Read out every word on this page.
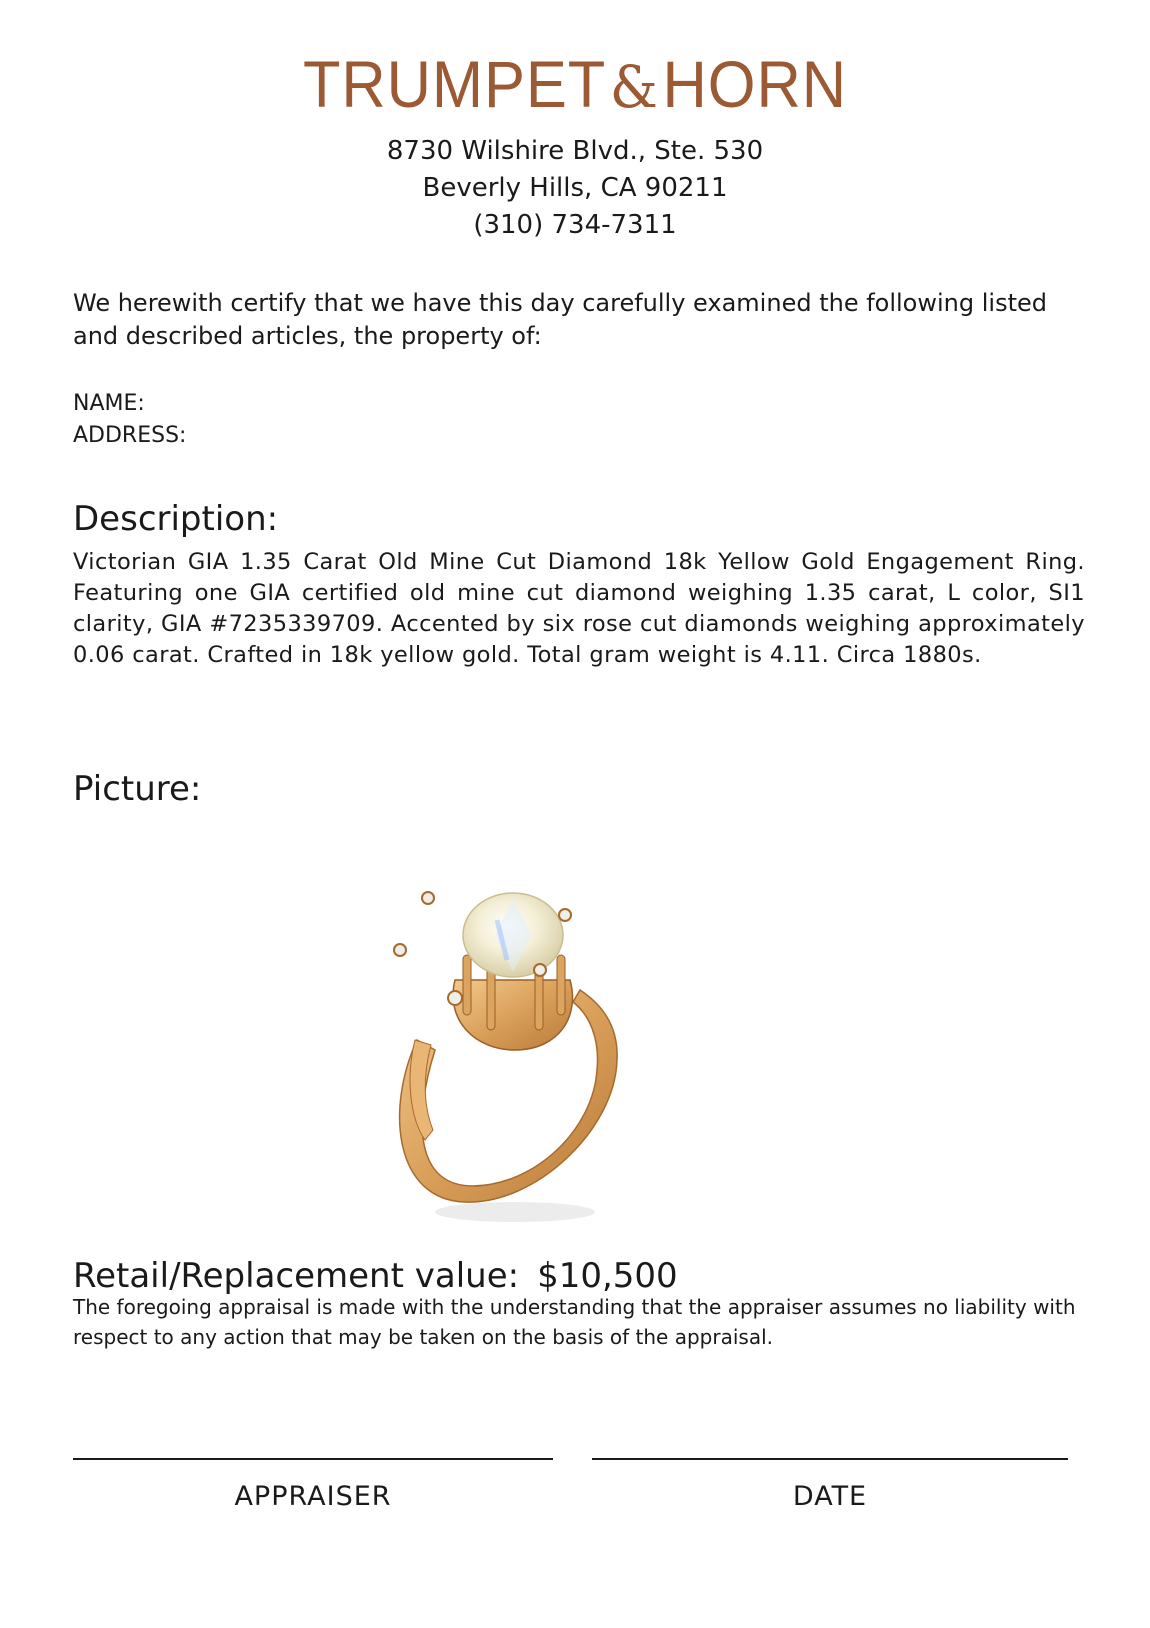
TRUMPET&HORN
8730 Wilshire Blvd., Ste. 530
Beverly Hills, CA 90211
(310) 734-7311
We herewith certify that we have this day carefully examined the following listed and described articles, the property of:
NAME:
ADDRESS:
Description:
Victorian GIA 1.35 Carat Old Mine Cut Diamond 18k Yellow Gold Engagement Ring. Featuring one GIA certified old mine cut diamond weighing 1.35 carat, L color, SI1 clarity, GIA #7235339709. Accented by six rose cut diamonds weighing approximately 0.06 carat. Crafted in 18k yellow gold. Total gram weight is 4.11. Circa 1880s.
Picture:
Retail/Replacement value: $10,500
The foregoing appraisal is made with the understanding that the appraiser assumes no liability with respect to any action that may be taken on the basis of the appraisal.
APPRAISER	DATE
